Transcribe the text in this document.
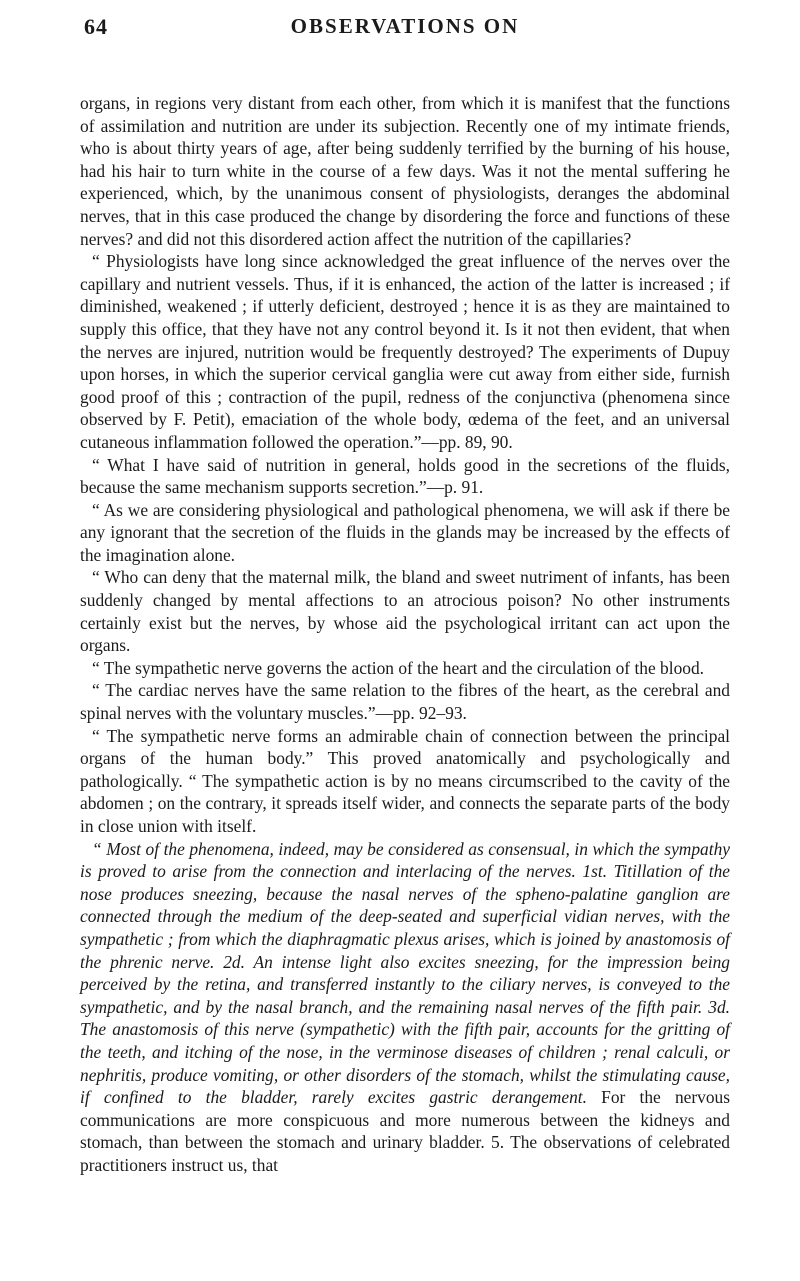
64	OBSERVATIONS ON

organs, in regions very distant from each other, from which it is manifest that the functions of assimilation and nutrition are under its subjection. Recently one of my intimate friends, who is about thirty years of age, after being suddenly terrified by the burning of his house, had his hair to turn white in the course of a few days. Was it not the mental suffering he experienced, which, by the unanimous consent of physiologists, deranges the abdominal nerves, that in this case produced the change by disordering the force and functions of these nerves? and did not this disordered action affect the nutrition of the capillaries?

“ Physiologists have long since acknowledged the great influence of the nerves over the capillary and nutrient vessels. Thus, if it is enhanced, the action of the latter is increased ; if diminished, weakened ; if utterly deficient, destroyed ; hence it is as they are maintained to supply this office, that they have not any control beyond it. Is it not then evident, that when the nerves are injured, nutrition would be frequently destroyed? The experiments of Dupuy upon horses, in which the superior cervical ganglia were cut away from either side, furnish good proof of this ; contraction of the pupil, redness of the conjunctiva (phenomena since observed by F. Petit), emaciation of the whole body, œdema of the feet, and an universal cutaneous inflammation followed the operation.”—pp. 89, 90.

“ What I have said of nutrition in general, holds good in the secretions of the fluids, because the same mechanism supports secretion.”—p. 91.

“ As we are considering physiological and pathological phenomena, we will ask if there be any ignorant that the secretion of the fluids in the glands may be increased by the effects of the imagination alone.

“ Who can deny that the maternal milk, the bland and sweet nutriment of infants, has been suddenly changed by mental affections to an atrocious poison? No other instruments certainly exist but the nerves, by whose aid the psychological irritant can act upon the organs.

“ The sympathetic nerve governs the action of the heart and the circulation of the blood.

“ The cardiac nerves have the same relation to the fibres of the heart, as the cerebral and spinal nerves with the voluntary muscles.”—pp. 92–93.

“ The sympathetic nerve forms an admirable chain of connection between the principal organs of the human body.” This proved anatomically and psychologically and pathologically. “ The sympathetic action is by no means circumscribed to the cavity of the abdomen ; on the contrary, it spreads itself wider, and connects the separate parts of the body in close union with itself.

“ Most of the phenomena, indeed, may be considered as consensual, in which the sympathy is proved to arise from the connection and interlacing of the nerves. 1st. Titillation of the nose produces sneezing, because the nasal nerves of the spheno-palatine ganglion are connected through the medium of the deep-seated and superficial vidian nerves, with the sympathetic ; from which the diaphragmatic plexus arises, which is joined by anastomosis of the phrenic nerve. 2d. An intense light also excites sneezing, for the impression being perceived by the retina, and transferred instantly to the ciliary nerves, is conveyed to the sympathetic, and by the nasal branch, and the remaining nasal nerves of the fifth pair. 3d. The anastomosis of this nerve (sympathetic) with the fifth pair, accounts for the gritting of the teeth, and itching of the nose, in the verminose diseases of children ; renal calculi, or nephritis, produce vomiting, or other disorders of the stomach, whilst the stimulating cause, if confined to the bladder, rarely excites gastric derangement. For the nervous communications are more conspicuous and more numerous between the kidneys and stomach, than between the stomach and urinary bladder. 5. The observations of celebrated practitioners instruct us, that
